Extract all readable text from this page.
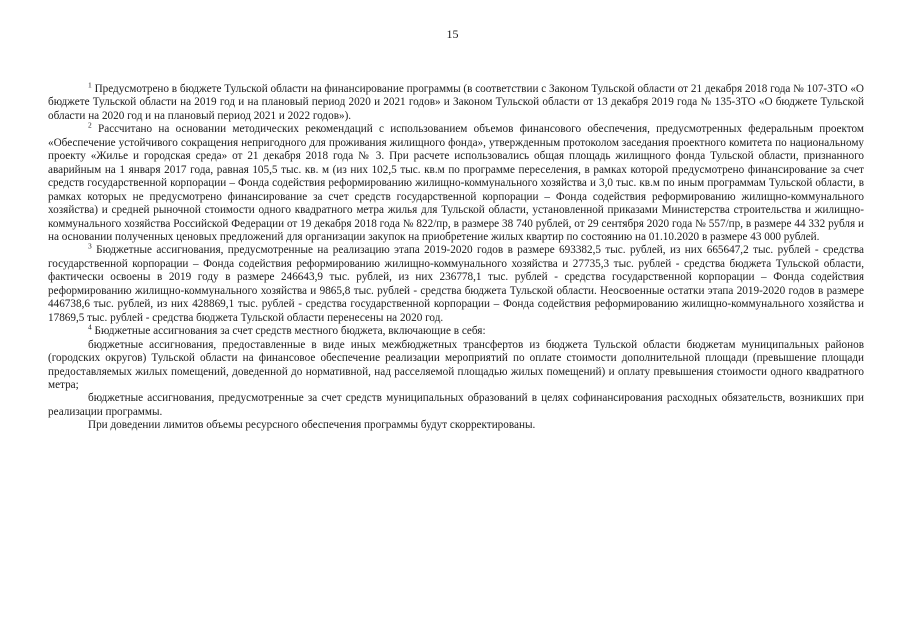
15

$^1$ Предусмотрено в бюджете Тульской области на финансирование программы (в соответствии с Законом Тульской области от 21 декабря 2018 года № 107-ЗТО «О бюджете Тульской области на 2019 год и на плановый период 2020 и 2021 годов» и Законом Тульской области от 13 декабря 2019 года № 135-ЗТО «О бюджете Тульской области на 2020 год и на плановый период 2021 и 2022 годов»).

$^2$ Рассчитано на основании методических рекомендаций с использованием объемов финансового обеспечения, предусмотренных федеральным проектом «Обеспечение устойчивого сокращения непригодного для проживания жилищного фонда», утвержденным протоколом заседания проектного комитета по национальному проекту «Жилье и городская среда» от 21 декабря 2018 года № 3. При расчете использовались общая площадь жилищного фонда Тульской области, признанного аварийным на 1 января 2017 года, равная 105,5 тыс. кв. м (из них 102,5 тыс. кв.м по программе переселения, в рамках которой предусмотрено финансирование за счет средств государственной корпорации – Фонда содействия реформированию жилищно-коммунального хозяйства и 3,0 тыс. кв.м по иным программам Тульской области, в рамках которых не предусмотрено финансирование за счет средств государственной корпорации – Фонда содействия реформированию жилищно-коммунального хозяйства) и средней рыночной стоимости одного квадратного метра жилья для Тульской области, установленной приказами Министерства строительства и жилищно-коммунального хозяйства Российской Федерации от 19 декабря 2018 года № 822/пр, в размере 38 740 рублей, от 29 сентября 2020 года № 557/пр, в размере 44 332 рубля и на основании полученных ценовых предложений для организации закупок на приобретение жилых квартир по состоянию на 01.10.2020 в размере 43 000 рублей.

$^3$ Бюджетные ассигнования, предусмотренные на реализацию этапа 2019-2020 годов в размере 693382,5 тыс. рублей, из них 665647,2 тыс. рублей - средства государственной корпорации – Фонда содействия реформированию жилищно-коммунального хозяйства и 27735,3 тыс. рублей - средства бюджета Тульской области, фактически освоены в 2019 году в размере 246643,9 тыс. рублей, из них 236778,1 тыс. рублей - средства государственной корпорации – Фонда содействия реформированию жилищно-коммунального хозяйства и 9865,8 тыс. рублей - средства бюджета Тульской области. Неосвоенные остатки этапа 2019-2020 годов в размере 446738,6 тыс. рублей, из них 428869,1 тыс. рублей - средства государственной корпорации – Фонда содействия реформированию жилищно-коммунального хозяйства и 17869,5 тыс. рублей - средства бюджета Тульской области перенесены на 2020 год.

$^4$ Бюджетные ассигнования за счет средств местного бюджета, включающие в себя:

бюджетные ассигнования, предоставленные в виде иных межбюджетных трансфертов из бюджета Тульской области бюджетам муниципальных районов (городских округов) Тульской области на финансовое обеспечение реализации мероприятий по оплате стоимости дополнительной площади (превышение площади предоставляемых жилых помещений, доведенной до нормативной, над расселяемой площадью жилых помещений) и оплату превышения стоимости одного квадратного метра;

бюджетные ассигнования, предусмотренные за счет средств муниципальных образований в целях софинансирования расходных обязательств, возникших при реализации программы.

При доведении лимитов объемы ресурсного обеспечения программы будут скорректированы.
